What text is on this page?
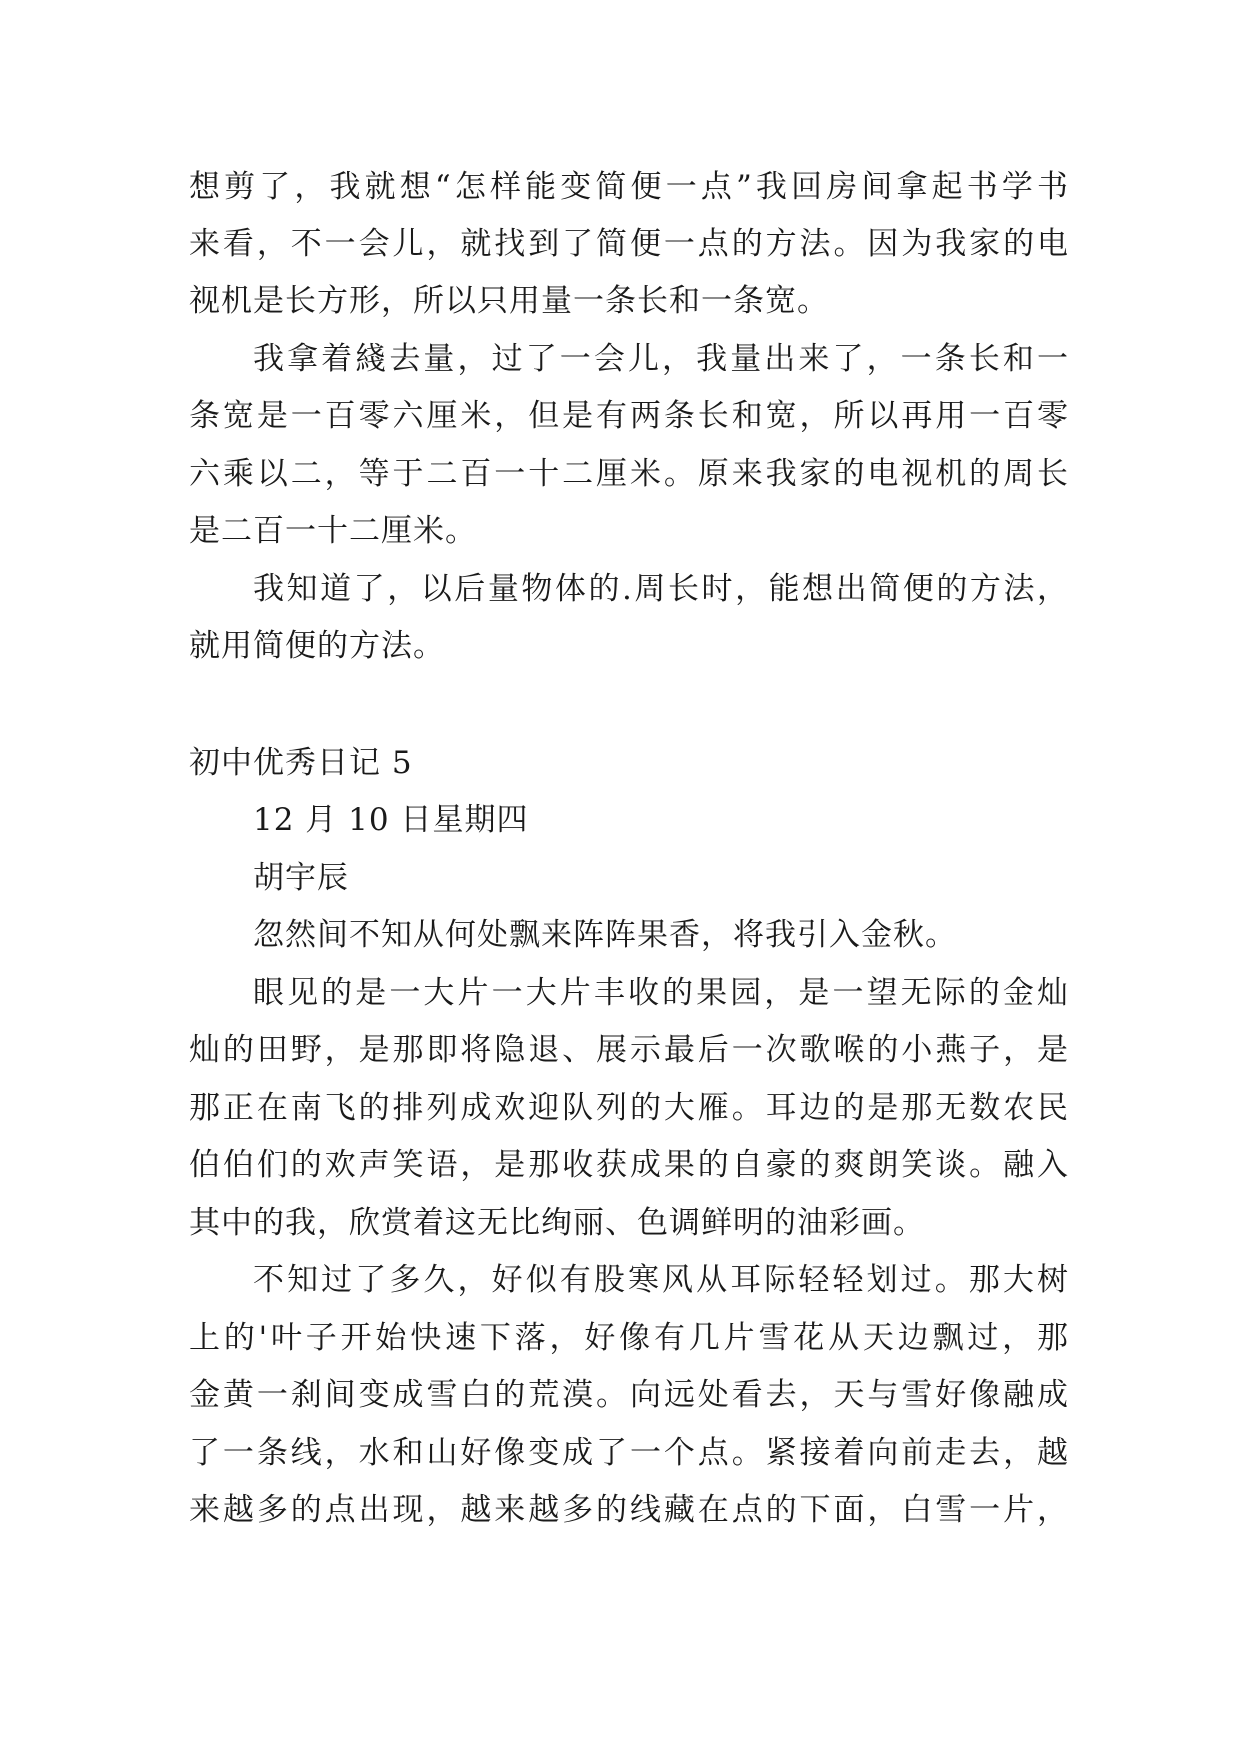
想剪了，我就想“怎样能变简便一点”我回房间拿起书学书
来看，不一会儿，就找到了简便一点的方法。因为我家的电
视机是长方形，所以只用量一条长和一条宽。
我拿着綫去量，过了一会儿，我量出来了，一条长和一
条宽是一百零六厘米，但是有两条长和宽，所以再用一百零
六乘以二，等于二百一十二厘米。原来我家的电视机的周长
是二百一十二厘米。
我知道了，以后量物体的.周长时，能想出简便的方法，
就用简便的方法。
初中优秀日记 5
12 月 10 日星期四
胡宇辰
忽然间不知从何处飘来阵阵果香，将我引入金秋。
眼见的是一大片一大片丰收的果园，是一望无际的金灿
灿的田野，是那即将隐退、展示最后一次歌喉的小燕子，是
那正在南飞的排列成欢迎队列的大雁。耳边的是那无数农民
伯伯们的欢声笑语，是那收获成果的自豪的爽朗笑谈。融入
其中的我，欣赏着这无比绚丽、色调鲜明的油彩画。
不知过了多久，好似有股寒风从耳际轻轻划过。那大树
上的'叶子开始快速下落，好像有几片雪花从天边飘过，那
金黄一刹间变成雪白的荒漠。向远处看去，天与雪好像融成
了一条线，水和山好像变成了一个点。紧接着向前走去，越
来越多的点出现，越来越多的线藏在点的下面，白雪一片，
